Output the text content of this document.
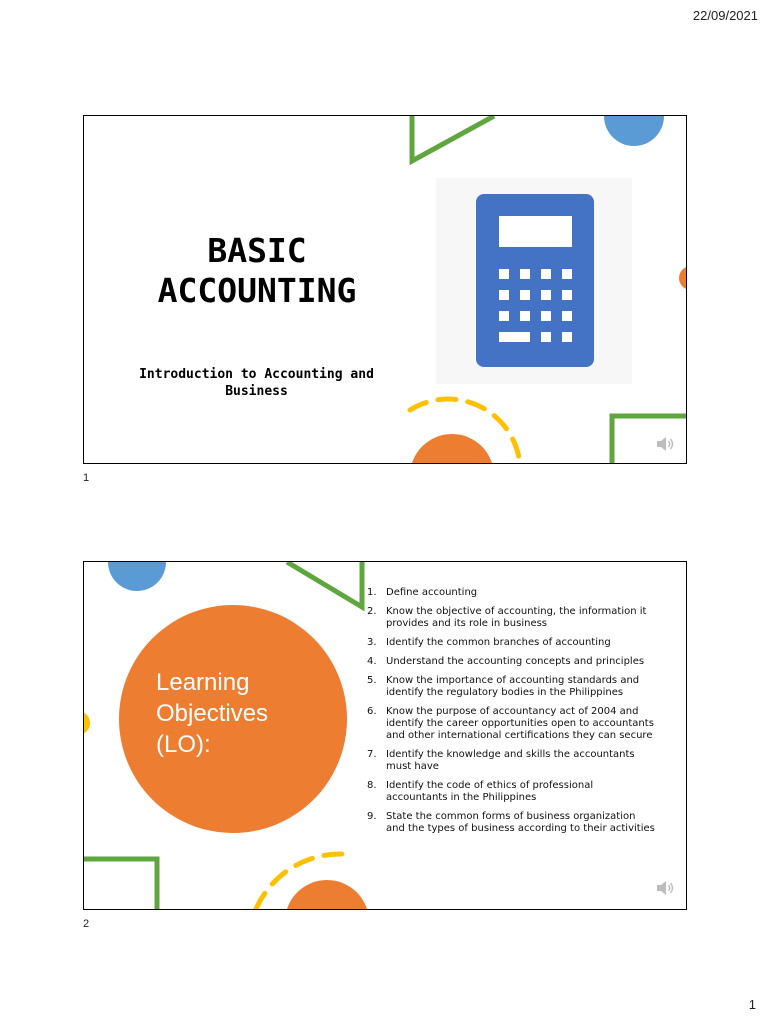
22/09/2021
BASIC
ACCOUNTING
Introduction to Accounting and Business
1
Learning
Objectives
(LO):
1. Define accounting
2. Know the objective of accounting, the information it provides and its role in business
3. Identify the common branches of accounting
4. Understand the accounting concepts and principles
5. Know the importance of accounting standards and identify the regulatory bodies in the Philippines
6. Know the purpose of accountancy act of 2004 and identify the career opportunities open to accountants and other international certifications they can secure
7. Identify the knowledge and skills the accountants must have
8. Identify the code of ethics of professional accountants in the Philippines
9. State the common forms of business organization and the types of business according to their activities
2
1
